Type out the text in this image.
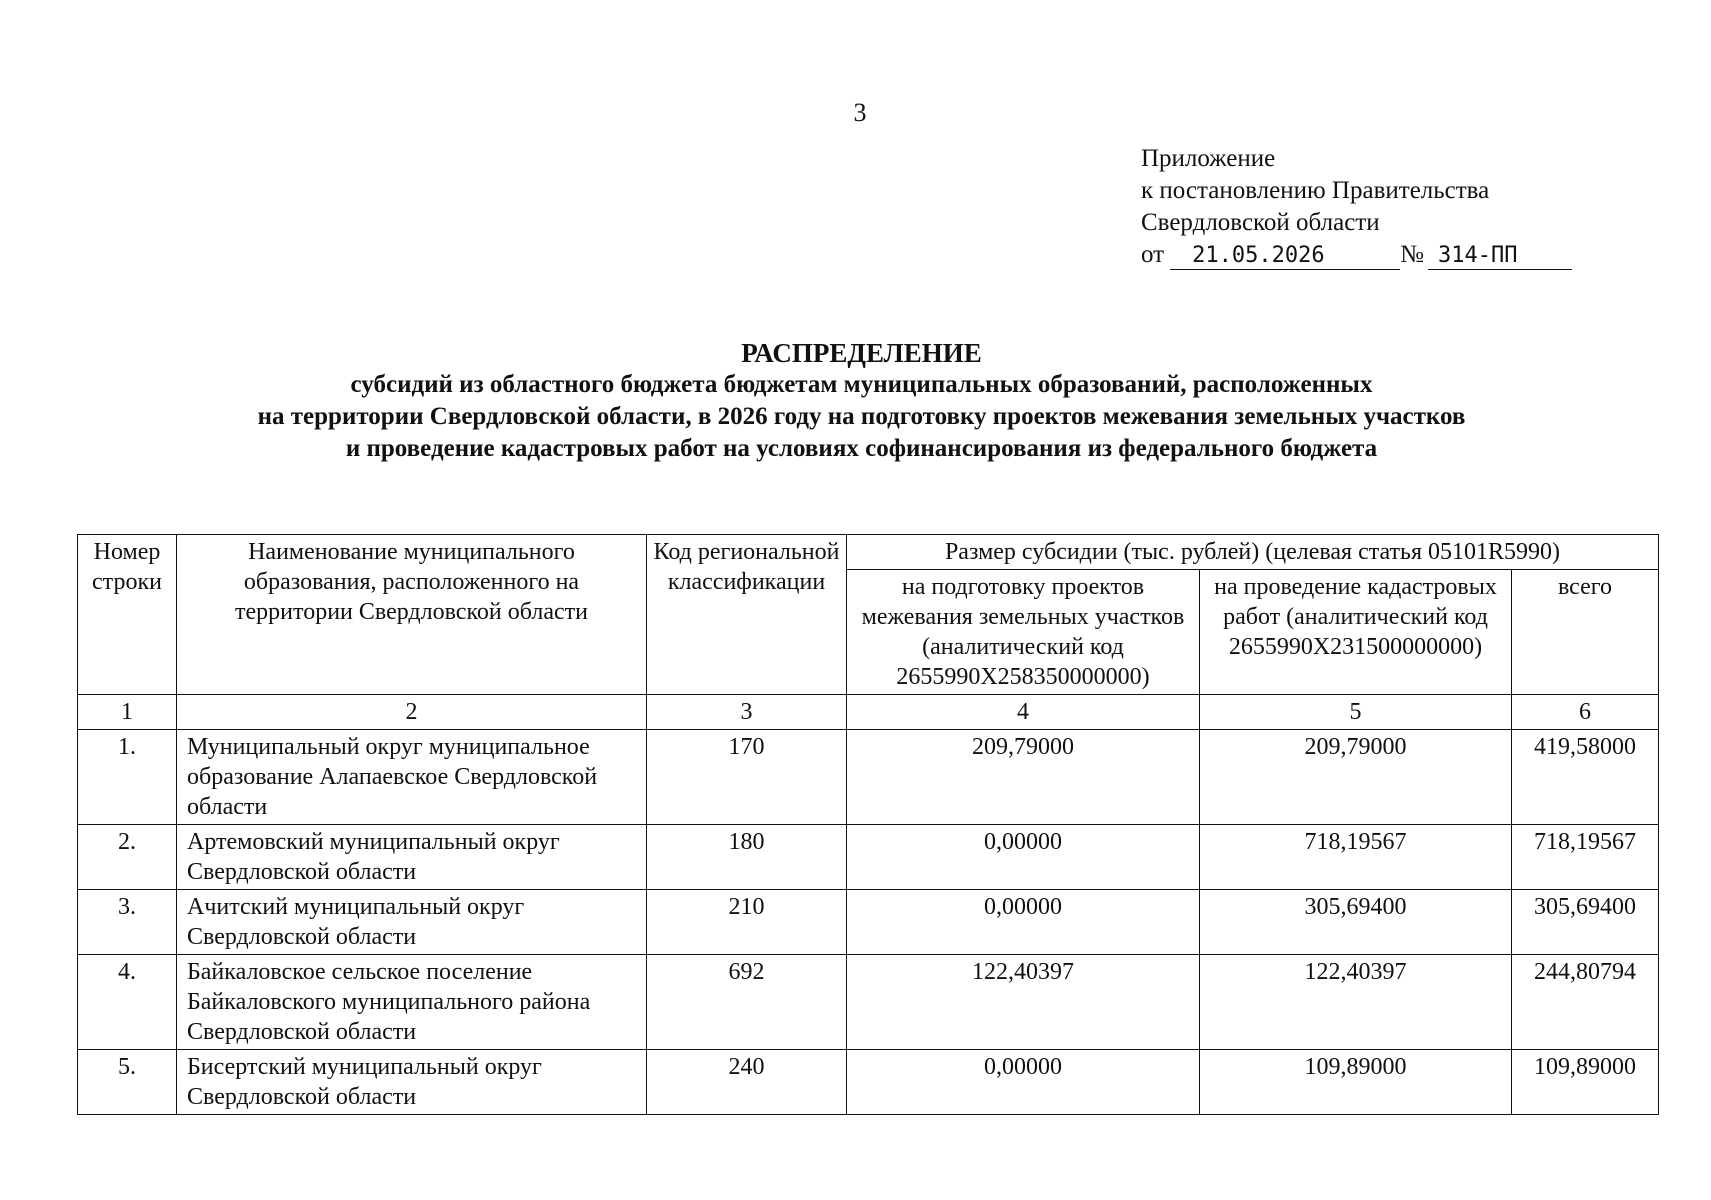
3
Приложение
к постановлению Правительства
Свердловской области
от 21.05.2026	№ 314-ПП
РАСПРЕДЕЛЕНИЕ
субсидий из областного бюджета бюджетам муниципальных образований, расположенных
на территории Свердловской области, в 2026 году на подготовку проектов межевания земельных участков
и проведение кадастровых работ на условиях софинансирования из федерального бюджета
Номер строки	Наименование муниципального образования, расположенного на территории Свердловской области	Код региональной классификации	Размер субсидии (тыс. рублей) (целевая статья 05101R5990)		
			на подготовку проектов межевания земельных участков (аналитический код 2655990X258350000000)	на проведение кадастровых работ (аналитический код 2655990X231500000000)	всего
1	2	3	4	5	6
1.	Муниципальный округ муниципальное образование Алапаевское Свердловской области	170	209,79000	209,79000	419,58000
2.	Артемовский муниципальный округ Свердловской области	180	0,00000	718,19567	718,19567
3.	Ачитский муниципальный округ Свердловской области	210	0,00000	305,69400	305,69400
4.	Байкаловское сельское поселение Байкаловского муниципального района Свердловской области	692	122,40397	122,40397	244,80794
5.	Бисертский муниципальный округ Свердловской области	240	0,00000	109,89000	109,89000
